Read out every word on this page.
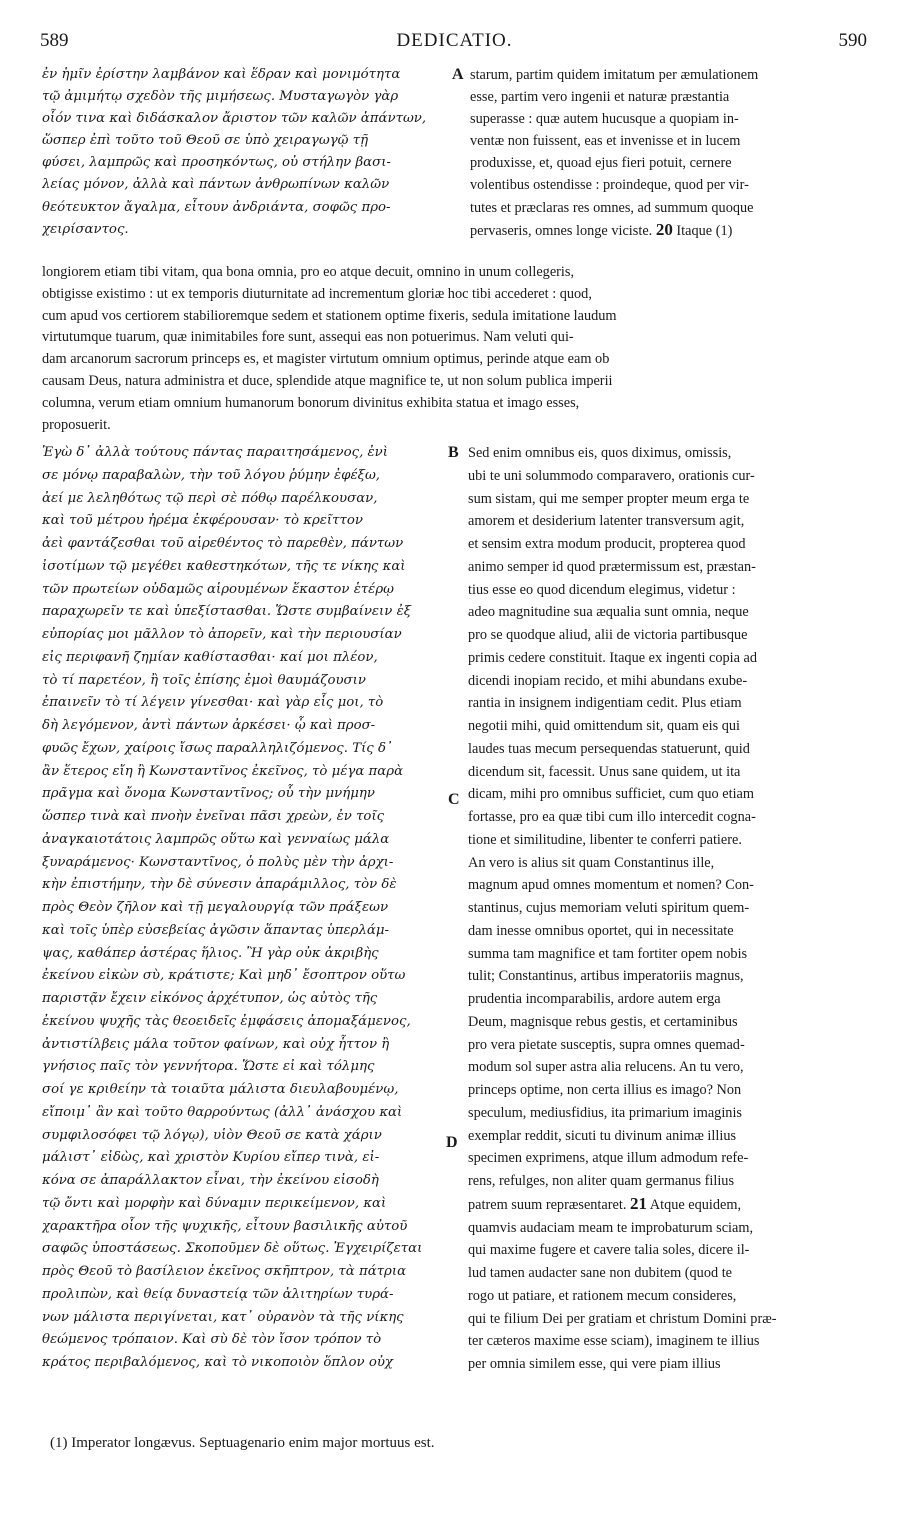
589	DEDICATIO.	590
A
B
C
D
ἐν ἡμῖν ἐρίστην λαμβάνον καὶ ἕδραν καὶ μονιμότητα
τῷ ἀμιμήτῳ σχεδὸν τῆς μιμήσεως. Μυσταγωγὸν γὰρ
οἷόν τινα καὶ διδάσκαλον ἄριστον τῶν καλῶν ἁπάντων,
ὥσπερ ἐπὶ τοῦτο τοῦ Θεοῦ σε ὑπὸ χειραγωγῷ τῇ
φύσει, λαμπρῶς καὶ προσηκόντως, οὐ στήλην βασι-
λείας μόνον, ἀλλὰ καὶ πάντων ἀνθρωπίνων καλῶν
θεότευκτον ἄγαλμα, εἶτουν ἀνδριάντα, σοφῶς προ-
χειρίσαντος.
starum, partim quidem imitatum per æmulationem
esse, partim vero ingenii et naturæ præstantia
superasse : quæ autem hucusque a quopiam in-
ventæ non fuissent, eas et invenisse et in lucem
produxisse, et, quoad ejus fieri potuit, cernere
volentibus ostendisse : proindeque, quod per vir-
tutes et præclaras res omnes, ad summum quoque
pervaseris, omnes longe viciste. 20 Itaque (1)
longiorem etiam tibi vitam, qua bona omnia, pro eo atque decuit, omnino in unum collegeris,
obtigisse existimo : ut ex temporis diuturnitate ad incrementum gloriæ hoc tibi accederet : quod,
cum apud vos certiorem stabilioremque sedem et stationem optime fixeris, sedula imitatione laudum
virtutumque tuarum, quæ inimitabiles fore sunt, assequi eas non potuerimus. Nam veluti qui-
dam arcanorum sacrorum princeps es, et magister virtutum omnium optimus, perinde atque eam ob
causam Deus, natura administra et duce, splendide atque magnifice te, ut non solum publica imperii
columna, verum etiam omnium humanorum bonorum divinitus exhibita statua et imago esses,
proposuerit.
Ἐγὼ δ᾽ ἀλλὰ τούτους πάντας παραιτησάμενος, ἐνὶ
σε μόνῳ παραβαλὼν, τὴν τοῦ λόγου ῥύμην ἐφέξω,
ἀεί με λεληθότως τῷ περὶ σὲ πόθῳ παρέλκουσαν,
καὶ τοῦ μέτρου ἠρέμα ἐκφέρουσαν· τὸ κρεῖττον
ἀεὶ φαντάζεσθαι τοῦ αἱρεθέντος τὸ παρεθὲν, πάντων
ἰσοτίμων τῷ μεγέθει καθεστηκότων, τῆς τε νίκης καὶ
τῶν πρωτείων οὐδαμῶς αἱρουμένων ἕκαστον ἑτέρῳ
παραχωρεῖν τε καὶ ὑπεξίστασθαι. Ὥστε συμβαίνειν ἐξ
εὐπορίας μοι μᾶλλον τὸ ἀπορεῖν, καὶ τὴν περιουσίαν
εἰς περιφανῆ ζημίαν καθίστασθαι· καί μοι πλέον,
τὸ τί παρετέον, ἢ τοῖς ἐπίσης ἐμοὶ θαυμάζουσιν
ἐπαινεῖν τὸ τί λέγειν γίνεσθαι· καὶ γὰρ εἷς μοι, τὸ
δὴ λεγόμενον, ἀντὶ πάντων ἀρκέσει· ᾧ καὶ προσ-
φυῶς ἔχων, χαίροις ἴσως παραλληλιζόμενος. Τίς δ᾽
ἂν ἕτερος εἴη ἢ Κωνσταντῖνος ἐκεῖνος, τὸ μέγα παρὰ
πρᾶγμα καὶ ὄνομα Κωνσταντῖνος; οὗ τὴν μνήμην
ὥσπερ τινὰ καὶ πνοὴν ἐνεῖναι πᾶσι χρεὼν, ἐν τοῖς
ἀναγκαιοτάτοις λαμπρῶς οὕτω καὶ γενναίως μάλα
ξυναράμενος· Κωνσταντῖνος, ὁ πολὺς μὲν τὴν ἀρχι-
κὴν ἐπιστήμην, τὴν δὲ σύνεσιν ἀπαράμιλλος, τὸν δὲ
πρὸς Θεὸν ζῆλον καὶ τῇ μεγαλουργίᾳ τῶν πράξεων
καὶ τοῖς ὑπὲρ εὐσεβείας ἀγῶσιν ἅπαντας ὑπερλάμ-
ψας, καθάπερ ἀστέρας ἥλιος. Ἢ γὰρ οὐκ ἀκριβὴς
ἐκείνου εἰκὼν σὺ, κράτιστε; Καὶ μηδ᾽ ἔσοπτρον οὕτω
παριστᾷν ἔχειν εἰκόνος ἀρχέτυπον, ὡς αὐτὸς τῆς
ἐκείνου ψυχῆς τὰς θεοειδεῖς ἐμφάσεις ἀπομαξάμενος,
ἀντιστίλβεις μάλα τοῦτον φαίνων, καὶ οὐχ ἧττον ἢ
γνήσιος παῖς τὸν γεννήτορα. Ὥστε εἰ καὶ τόλμης
σοί γε κριθείην τὰ τοιαῦτα μάλιστα διευλαβουμένῳ,
εἴποιμ᾽ ἂν καὶ τοῦτο θαρρούντως (ἀλλ᾽ ἀνάσχου καὶ
συμφιλοσόφει τῷ λόγῳ), υἱὸν Θεοῦ σε κατὰ χάριν
μάλιστ᾽ εἰδὼς, καὶ χριστὸν Κυρίου εἴπερ τινὰ, εἰ-
κόνα σε ἀπαράλλακτον εἶναι, τὴν ἐκείνου εἰσοδὴ
τῷ ὄντι καὶ μορφὴν καὶ δύναμιν περικείμενον, καὶ
χαρακτῆρα οἷον τῆς ψυχικῆς, εἶτουν βασιλικῆς αὐτοῦ
σαφῶς ὑποστάσεως. Σκοποῦμεν δὲ οὕτως. Ἐγχειρίζεται
πρὸς Θεοῦ τὸ βασίλειον ἐκεῖνος σκῆπτρον, τὰ πάτρια
προλιπὼν, καὶ θείᾳ δυναστείᾳ τῶν ἀλιτηρίων τυρά-
νων μάλιστα περιγίνεται, κατ᾽ οὐρανὸν τὰ τῆς νίκης
θεώμενος τρόπαιον. Καὶ σὺ δὲ τὸν ἴσον τρόπον τὸ
κράτος περιβαλόμενος, καὶ τὸ νικοποιὸν ὅπλον οὐχ
Sed enim omnibus eis, quos diximus, omissis,
ubi te uni solummodo comparavero, orationis cur-
sum sistam, qui me semper propter meum erga te
amorem et desiderium latenter transversum agit,
et sensim extra modum producit, propterea quod
animo semper id quod prætermissum est, præstan-
tius esse eo quod dicendum elegimus, videtur :
adeo magnitudine sua æqualia sunt omnia, neque
pro se quodque aliud, alii de victoria partibusque
primis cedere constituit. Itaque ex ingenti copia ad
dicendi inopiam recido, et mihi abundans exube-
rantia in insignem indigentiam cedit. Plus etiam
negotii mihi, quid omittendum sit, quam eis qui
laudes tuas mecum persequendas statuerunt, quid
dicendum sit, facessit. Unus sane quidem, ut ita
dicam, mihi pro omnibus sufficiet, cum quo etiam
fortasse, pro ea quæ tibi cum illo intercedit cogna-
tione et similitudine, libenter te conferri patiere.
An vero is alius sit quam Constantinus ille,
magnum apud omnes momentum et nomen? Con-
stantinus, cujus memoriam veluti spiritum quem-
dam inesse omnibus oportet, qui in necessitate
summa tam magnifice et tam fortiter opem nobis
tulit; Constantinus, artibus imperatoriis magnus,
prudentia incomparabilis, ardore autem erga
Deum, magnisque rebus gestis, et certaminibus
pro vera pietate susceptis, supra omnes quemad-
modum sol super astra alia relucens. An tu vero,
princeps optime, non certa illius es imago? Non
speculum, mediusfidius, ita primarium imaginis
exemplar reddit, sicuti tu divinum animæ illius
specimen exprimens, atque illum admodum refe-
rens, refulges, non aliter quam germanus filius
patrem suum repræsentaret. 21 Atque equidem,
quamvis audaciam meam te improbaturum sciam,
qui maxime fugere et cavere talia soles, dicere il-
lud tamen audacter sane non dubitem (quod te
rogo ut patiare, et rationem mecum consideres,
qui te filium Dei per gratiam et christum Domini præ-
ter cæteros maxime esse sciam), imaginem te illius
per omnia similem esse, qui vere piam illius
(1) Imperator longævus. Septuagenario enim major mortuus est.
